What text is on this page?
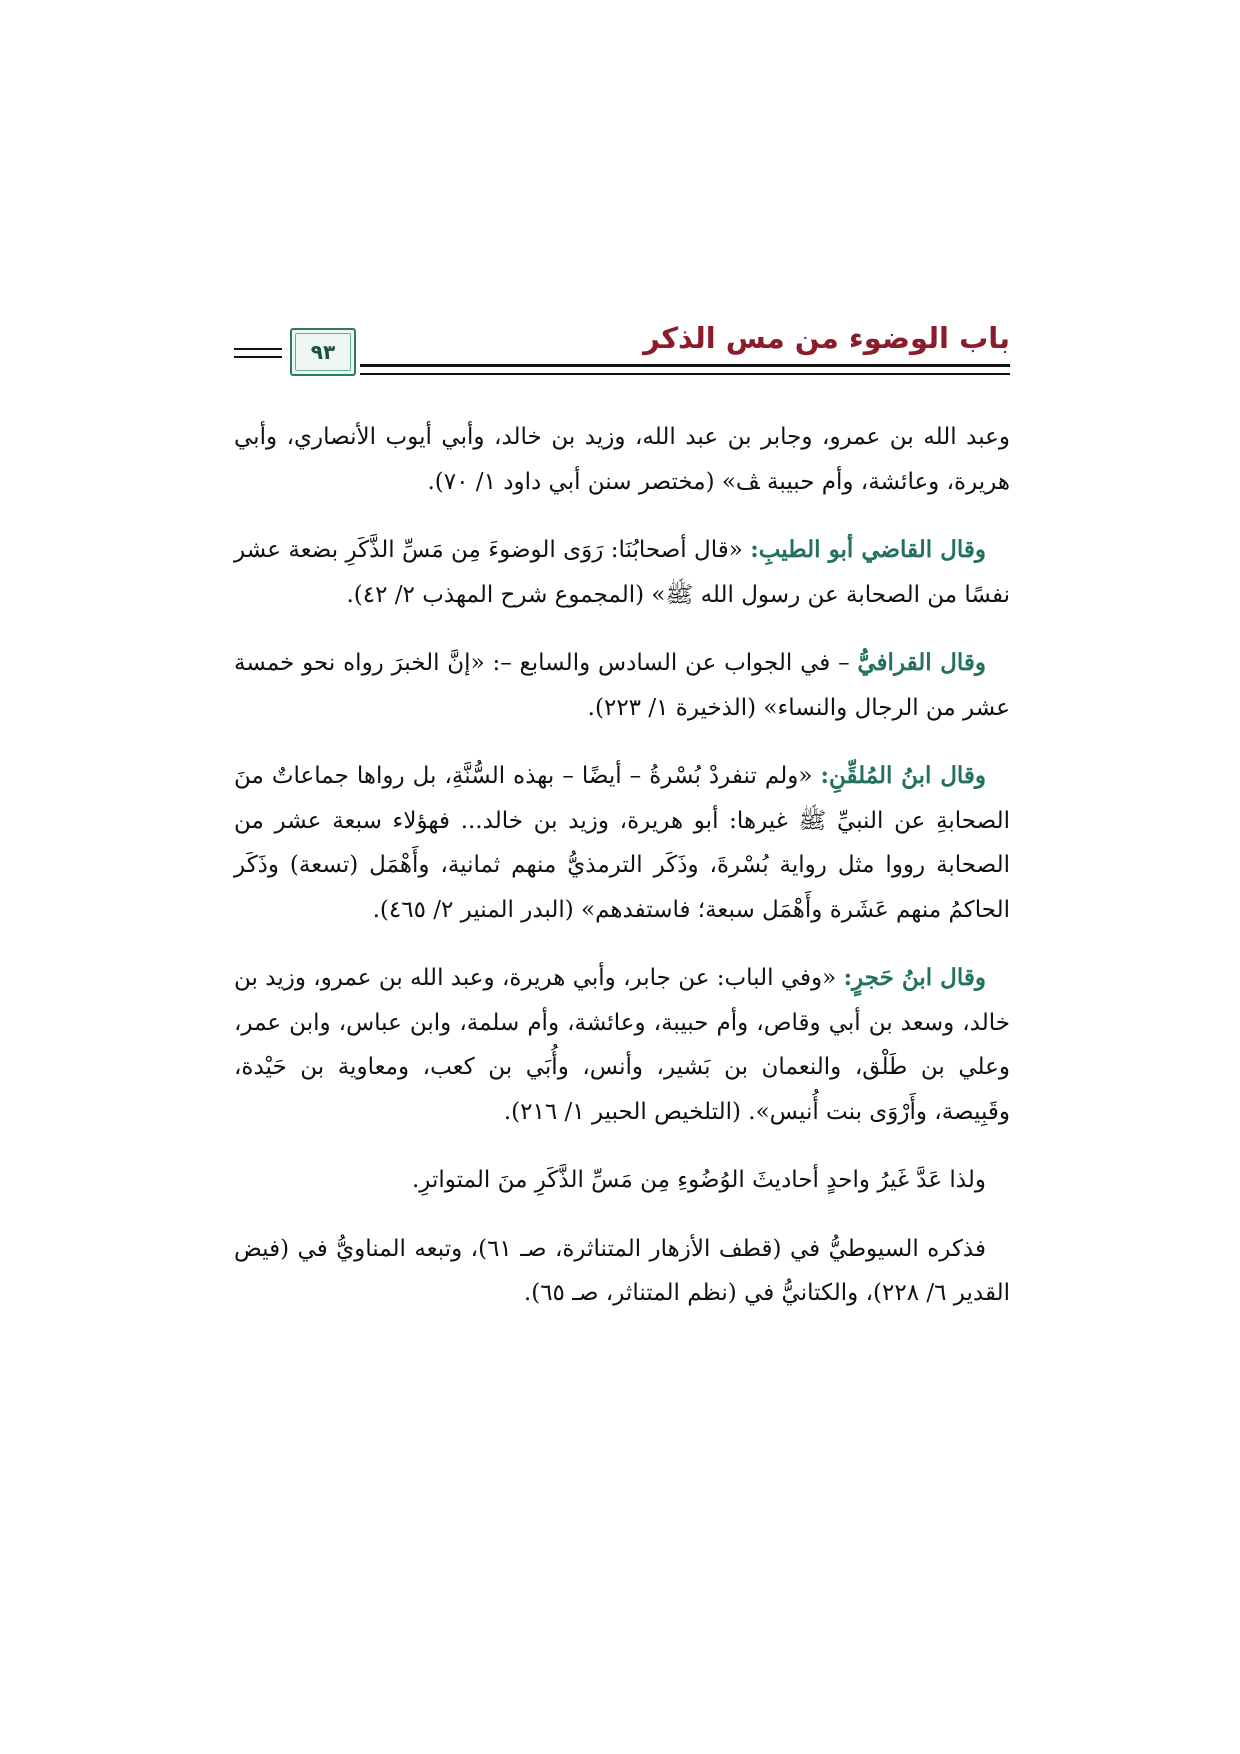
٩٣	باب الوضوء من مس الذكر

وعبد الله بن عمرو، وجابر بن عبد الله، وزيد بن خالد، وأبي أيوب الأنصاري، وأبي هريرة، وعائشة، وأم حبيبة ﭫ» (مختصر سنن أبي داود ١/ ٧٠).

وقال القاضي أبو الطيبِ: «قال أصحابُنَا: رَوَى الوضوءَ مِن مَسِّ الذَّكَرِ بضعة عشر نفسًا من الصحابة عن رسول الله ﷺ» (المجموع شرح المهذب ٢/ ٤٢).

وقال القرافيُّ – في الجواب عن السادس والسابع –: «إنَّ الخبرَ رواه نحو خمسة عشر من الرجال والنساء» (الذخيرة ١/ ٢٢٣).

وقال ابنُ المُلقِّنِ: «ولم تنفردْ بُسْرةُ – أيضًا – بهذه السُّنَّةِ، بل رواها جماعاتٌ منَ الصحابةِ عن النبيِّ ﷺ غيرها: أبو هريرة، وزيد بن خالد... فهؤلاء سبعة عشر من الصحابة رووا مثل رواية بُسْرةَ، وذَكَر الترمذيُّ منهم ثمانية، وأَهْمَل (تسعة) وذَكَر الحاكمُ منهم عَشَرة وأَهْمَل سبعة؛ فاستفدهم» (البدر المنير ٢/ ٤٦٥).

وقال ابنُ حَجرٍ: «وفي الباب: عن جابر، وأبي هريرة، وعبد الله بن عمرو، وزيد بن خالد، وسعد بن أبي وقاص، وأم حبيبة، وعائشة، وأم سلمة، وابن عباس، وابن عمر، وعلي بن طَلْق، والنعمان بن بَشير، وأنس، وأُبَي بن كعب، ومعاوية بن حَيْدة، وقَبِيصة، وأَرْوَى بنت أُنيس». (التلخيص الحبير ١/ ٢١٦).

ولذا عَدَّ غَيرُ واحدٍ أحاديثَ الوُضُوءِ مِن مَسِّ الذَّكَرِ منَ المتواترِ.

فذكره السيوطيُّ في (قطف الأزهار المتناثرة، صـ ٦١)، وتبعه المناويُّ في (فيض القدير ٦/ ٢٢٨)، والكتانيُّ في (نظم المتناثر، صـ ٦٥).
